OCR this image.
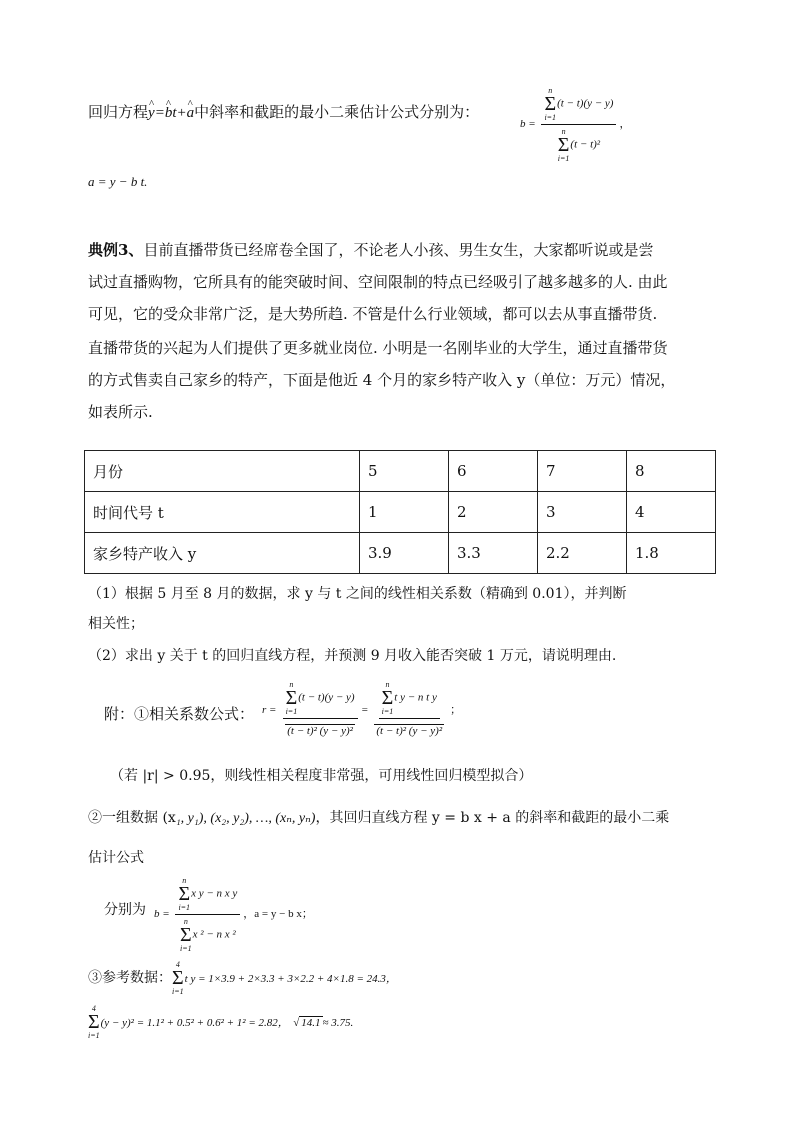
回归方程^ y=^ bt+^ a中斜率和截距的最小二乘估计公式分别为：
b = n
Σ
i=1
(t − t)(y − y)
n
Σ
i=1
(t − t)² ，
a = y − b t.
典例3、目前直播带货已经席卷全国了，不论老人小孩、男生女生，大家都听说或是尝
试过直播购物，它所具有的能突破时间、空间限制的特点已经吸引了越多越多的人. 由此
可见，它的受众非常广泛，是大势所趋. 不管是什么行业领域，都可以去从事直播带货.
直播带货的兴起为人们提供了更多就业岗位. 小明是一名刚毕业的大学生，通过直播带货
的方式售卖自己家乡的特产，下面是他近 4 个月的家乡特产收入 y（单位：万元）情况，
如表所示.
月份	5	6	7	8
时间代号 t	1	2	3	4
家乡特产收入 y	3.9	3.3	2.2	1.8
（1）根据 5 月至 8 月的数据，求 y 与 t 之间的线性相关系数（精确到 0.01），并判断
相关性；
（2）求出 y 关于 t 的回归直线方程，并预测 9 月收入能否突破 1 万元，请说明理由.
附：①相关系数公式： r = n
Σ
i=1
(t − t)(y − y)
(t − t)² (y − y)² = n
Σ
i=1
t y − n t y
(t − t)² (y − y)² ；
（若 |r| > 0.95，则线性相关程度非常强，可用线性回归模型拟合）
②一组数据 (x₁, y₁), (x₂, y₂), …, (xₙ, yₙ)，其回归直线方程 y = b x + a 的斜率和截距的最小二乘
估计公式
分别为 b = n
Σ
i=1
x y − n x y
n
Σ
i=1
x ² − n x ² ，a = y − b x；
③参考数据：
4
Σ
i=1
t y = 1×3.9 + 2×3.3 + 3×2.2 + 4×1.8 = 24.3，
4
Σ
i=1
(y − y)² = 1.1² + 0.5² + 0.6² + 1² = 2.82， √ 14.1 ≈ 3.75.
